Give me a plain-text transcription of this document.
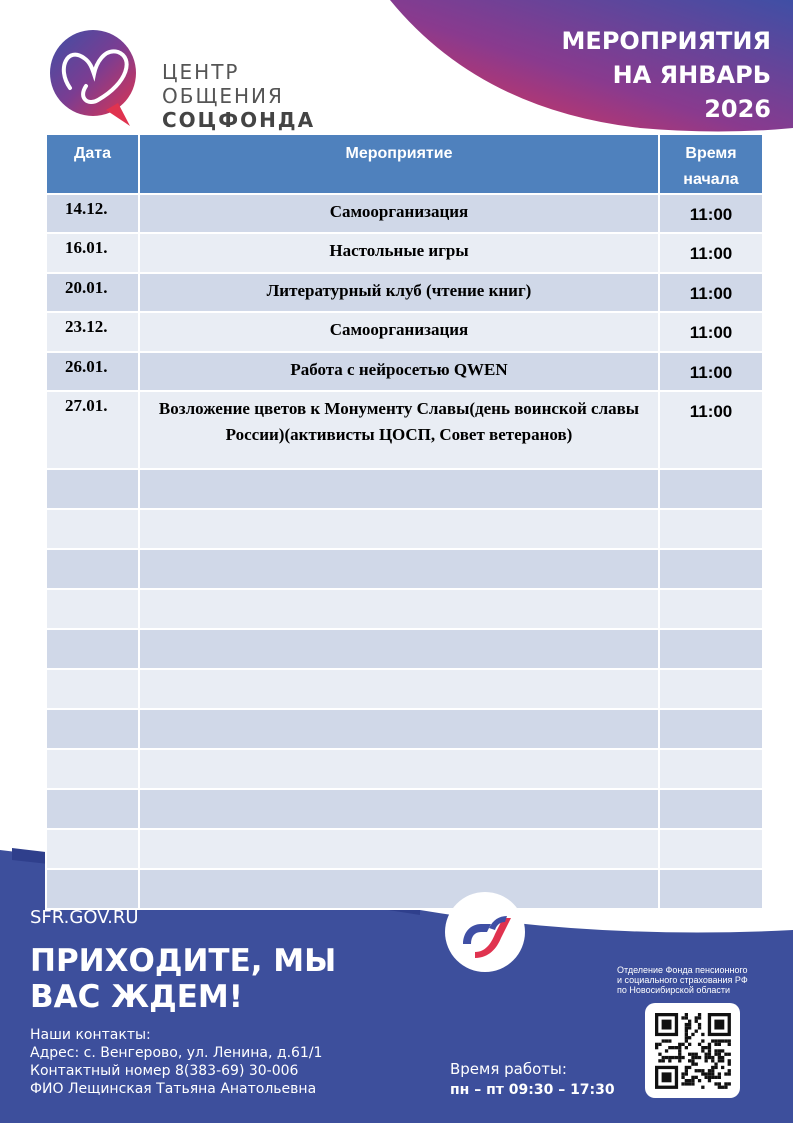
ЦЕНТР
ОБЩЕНИЯ
СОЦФОНДА
МЕРОПРИЯТИЯ
НА ЯНВАРЬ
2026
Дата	Мероприятие	Время начала
14.12.	Самоорганизация	11:00
16.01.	Настольные игры	11:00
20.01.	Литературный клуб (чтение книг)	11:00
23.12.	Самоорганизация	11:00
26.01.	Работа с нейросетью QWEN	11:00
27.01.	Возложение цветов к Монументу Славы(день воинской славы России)(активисты ЦОСП, Совет ветеранов)	11:00

SFR.GOV.RU
ПРИХОДИТЕ, МЫ ВАС ЖДЕМ!
Отделение Фонда пенсионного
и социального страхования РФ
по Новосибирской области
Наши контакты:
Адрес: с. Венгерово, ул. Ленина, д.61/1
Контактный номер 8(383-69) 30-006
ФИО Лещинская Татьяна Анатольевна
Время работы:
пн – пт 09:30 – 17:30
